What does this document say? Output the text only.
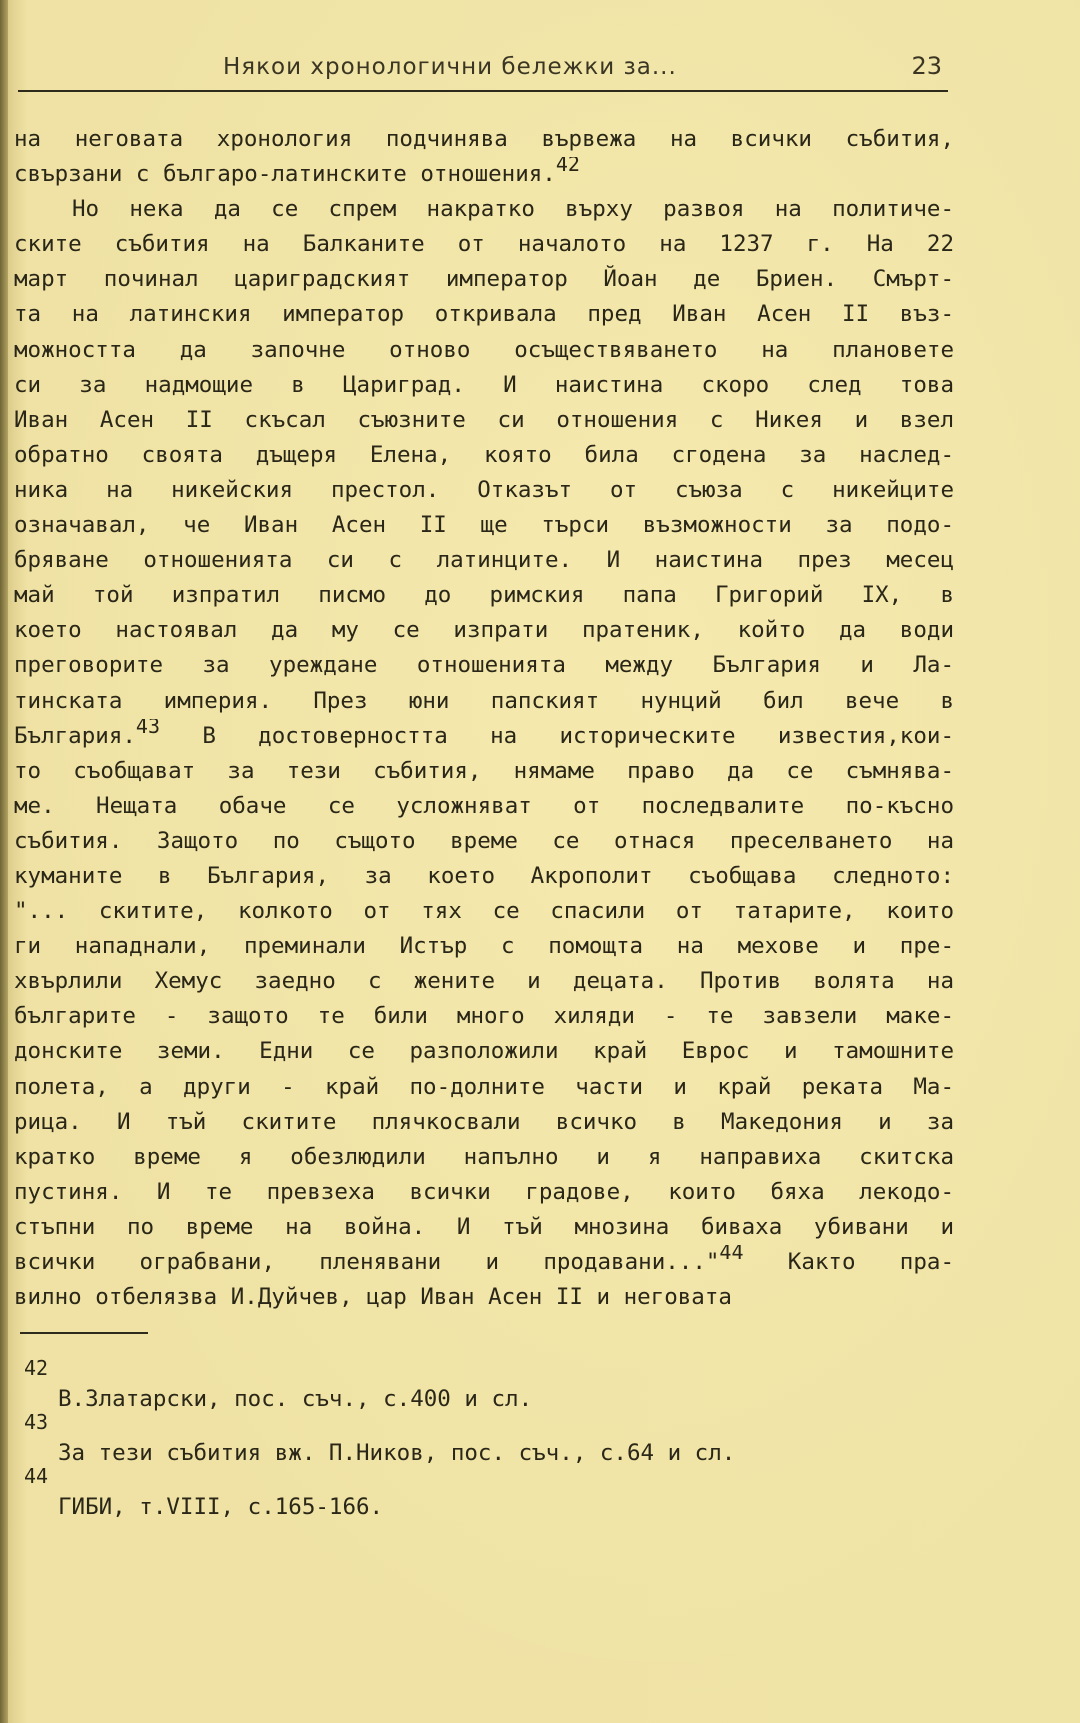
Някои хронологични бележки за...	23
на неговата хронология подчинява вървежа на всички събития,
свързани с българо-латинските отношения.$^{42}$
Но нека да се спрем накратко върху развоя на политиче-
ските събития на Балканите от началото на 1237 г. На 22
март починал цариградският император Йоан де Бриен. Смърт-
та на латинския император откривала пред Иван Асен II въз-
можността да започне отново осъществяването на плановете
си за надмощие в Цариград. И наистина скоро след това
Иван Асен II скъсал съюзните си отношения с Никея и взел
обратно своята дъщеря Елена, която била сгодена за наслед-
ника на никейския престол. Отказът от съюза с никейците
означавал, че Иван Асен II ще търси възможности за подо-
бряване отношенията си с латинците. И наистина през месец
май той изпратил писмо до римския папа Григорий IX, в
което настоявал да му се изпрати пратеник, който да води
преговорите за уреждане отношенията между България и Ла-
тинската империя. През юни папският нунций бил вече в
България.$^{43}$ В достоверността на историческите известия,кои-
то съобщават за тези събития, нямаме право да се съмнява-
ме. Нещата обаче се усложняват от последвалите по-късно
събития. Защото по същото време се отнася преселването на
куманите в България, за което Акрополит съобщава следното:
"... скитите, колкото от тях се спасили от татарите, които
ги нападнали, преминали Истър с помощта на мехове и пре-
хвърлили Хемус заедно с жените и децата. Против волята на
българите - защото те били много хиляди - те завзели маке-
донските земи. Едни се разположили край Еврос и тамошните
полета, а други - край по-долните части и край реката Ма-
рица. И тъй скитите плячкосвали всичко в Македония и за
кратко време я обезлюдили напълно и я направиха скитска
пустиня. И те превзеха всички градове, които бяха лекодо-
стъпни по време на война. И тъй мнозина биваха убивани и
всички ограбвани, пленявани и продавани..."$^{44}$ Както пра-
вилно отбелязва И.Дуйчев, цар Иван Асен II и неговата
42
В.Златарски, пос. съч., с.400 и сл.
43
За тези събития вж. П.Ников, пос. съч., с.64 и сл.
44
ГИБИ, т.VIII, с.165-166.
